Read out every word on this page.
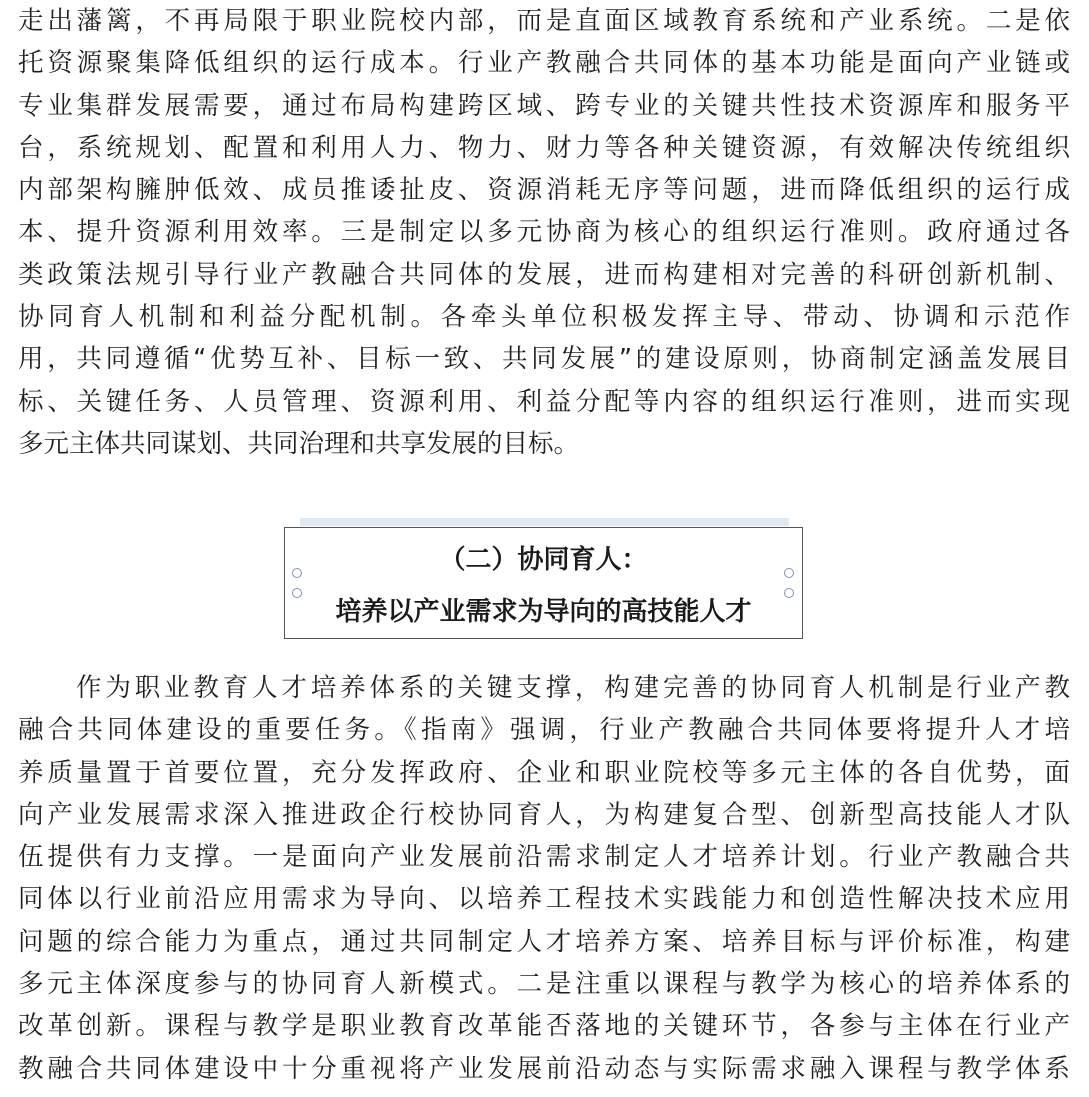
走出藩篱，不再局限于职业院校内部，而是直面区域教育系统和产业系统。二是依
托资源聚集降低组织的运行成本。行业产教融合共同体的基本功能是面向产业链或
专业集群发展需要，通过布局构建跨区域、跨专业的关键共性技术资源库和服务平
台，系统规划、配置和利用人力、物力、财力等各种关键资源，有效解决传统组织
内部架构臃肿低效、成员推诿扯皮、资源消耗无序等问题，进而降低组织的运行成
本、提升资源利用效率。三是制定以多元协商为核心的组织运行准则。政府通过各
类政策法规引导行业产教融合共同体的发展，进而构建相对完善的科研创新机制、
协同育人机制和利益分配机制。各牵头单位积极发挥主导、带动、协调和示范作
用，共同遵循“优势互补、目标一致、共同发展”的建设原则，协商制定涵盖发展目
标、关键任务、人员管理、资源利用、利益分配等内容的组织运行准则，进而实现
多元主体共同谋划、共同治理和共享发展的目标。
（二）协同育人：
培养以产业需求为导向的高技能人才
作为职业教育人才培养体系的关键支撑，构建完善的协同育人机制是行业产教
融合共同体建设的重要任务。《指南》强调，行业产教融合共同体要将提升人才培
养质量置于首要位置，充分发挥政府、企业和职业院校等多元主体的各自优势，面
向产业发展需求深入推进政企行校协同育人，为构建复合型、创新型高技能人才队
伍提供有力支撑。一是面向产业发展前沿需求制定人才培养计划。行业产教融合共
同体以行业前沿应用需求为导向、以培养工程技术实践能力和创造性解决技术应用
问题的综合能力为重点，通过共同制定人才培养方案、培养目标与评价标准，构建
多元主体深度参与的协同育人新模式。二是注重以课程与教学为核心的培养体系的
改革创新。课程与教学是职业教育改革能否落地的关键环节，各参与主体在行业产
教融合共同体建设中十分重视将产业发展前沿动态与实际需求融入课程与教学体系
